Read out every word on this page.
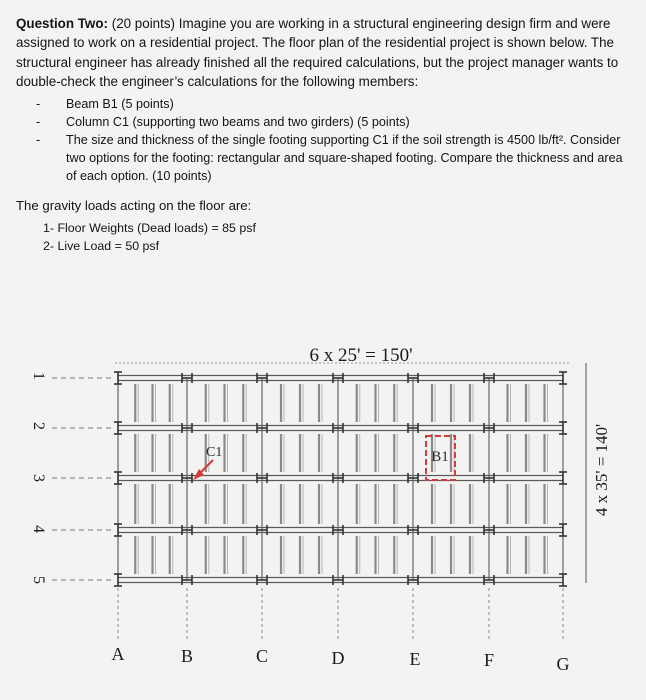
Question Two: (20 points) Imagine you are working in a structural engineering design firm and were assigned to work on a residential project. The floor plan of the residential project is shown below. The structural engineer has already finished all the required calculations, but the project manager wants to double-check the engineer’s calculations for the following members:

- Beam B1 (5 points)
- Column C1 (supporting two beams and two girders) (5 points)
- The size and thickness of the single footing supporting C1 if the soil strength is 4500 lb/ft². Consider two options for the footing: rectangular and square-shaped footing. Compare the thickness and area of each option. (10 points)

The gravity loads acting on the floor are:

1- Floor Weights (Dead loads) = 85 psf
2- Live Load = 50 psf
B1
C1
6 x 25' = 150'
4 x 35' = 140'
1
2
3
4
5
A	B	C	D	E	F	G
